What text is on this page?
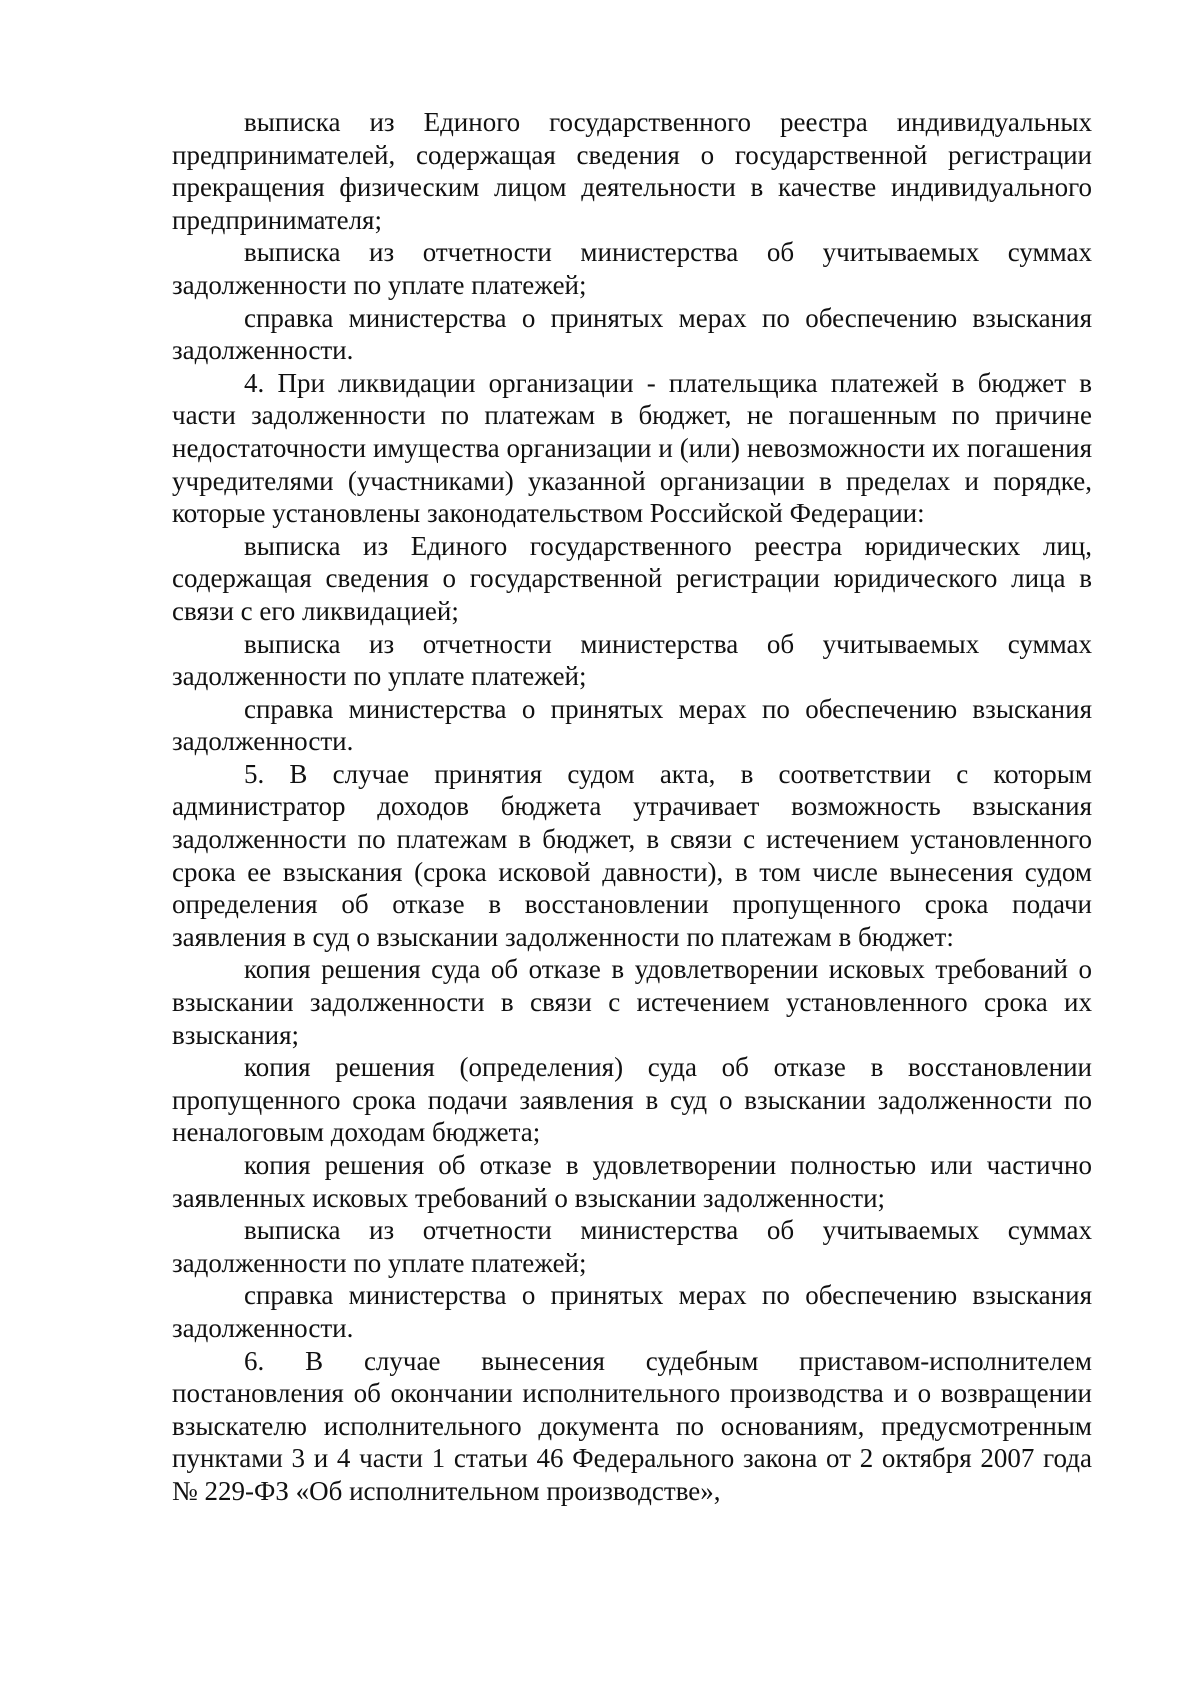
выписка из Единого государственного реестра индивидуальных предпринимателей, содержащая сведения о государственной регистрации прекращения физическим лицом деятельности в качестве индивидуального предпринимателя;

выписка из отчетности министерства об учитываемых суммах задолженности по уплате платежей;

справка министерства о принятых мерах по обеспечению взыскания задолженности.

4. При ликвидации организации - плательщика платежей в бюджет в части задолженности по платежам в бюджет, не погашенным по причине недостаточности имущества организации и (или) невозможности их погашения учредителями (участниками) указанной организации в пределах и порядке, которые установлены законодательством Российской Федерации:

выписка из Единого государственного реестра юридических лиц, содержащая сведения о государственной регистрации юридического лица в связи с его ликвидацией;

выписка из отчетности министерства об учитываемых суммах задолженности по уплате платежей;

справка министерства о принятых мерах по обеспечению взыскания задолженности.

5. В случае принятия судом акта, в соответствии с которым администратор доходов бюджета утрачивает возможность взыскания задолженности по платежам в бюджет, в связи с истечением установленного срока ее взыскания (срока исковой давности), в том числе вынесения судом определения об отказе в восстановлении пропущенного срока подачи заявления в суд о взыскании задолженности по платежам в бюджет:

копия решения суда об отказе в удовлетворении исковых требований о взыскании задолженности в связи с истечением установленного срока их взыскания;

копия решения (определения) суда об отказе в восстановлении пропущенного срока подачи заявления в суд о взыскании задолженности по неналоговым доходам бюджета;

копия решения об отказе в удовлетворении полностью или частично заявленных исковых требований о взыскании задолженности;

выписка из отчетности министерства об учитываемых суммах задолженности по уплате платежей;

справка министерства о принятых мерах по обеспечению взыскания задолженности.

6. В случае вынесения судебным приставом-исполнителем постановления об окончании исполнительного производства и о возвращении взыскателю исполнительного документа по основаниям, предусмотренным пунктами 3 и 4 части 1 статьи 46 Федерального закона от 2 октября 2007 года № 229-ФЗ «Об исполнительном производстве»,
